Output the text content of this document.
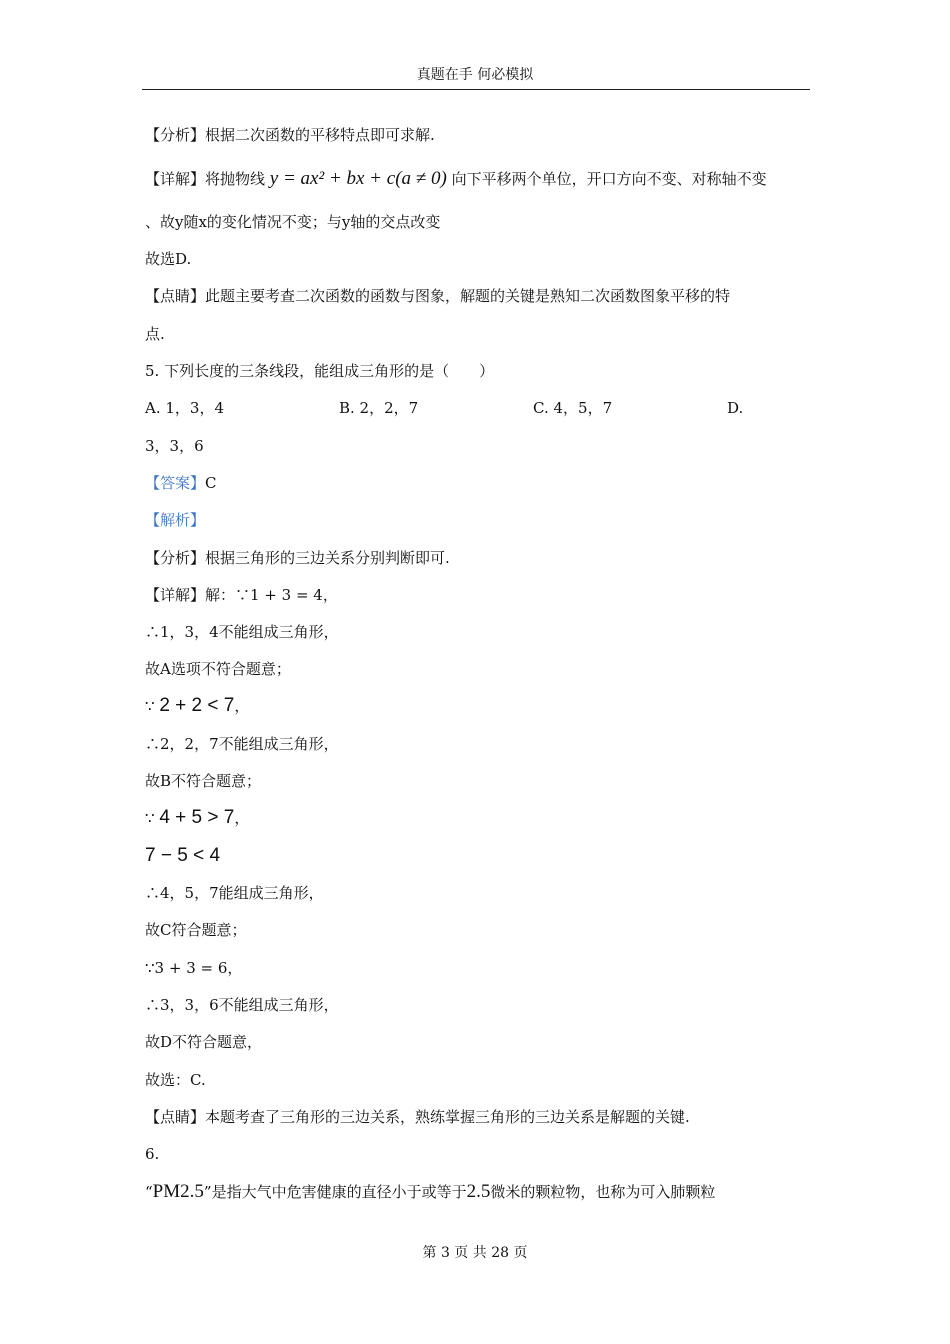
真题在手 何必模拟
【分析】根据二次函数的平移特点即可求解.
【详解】将抛物线 y = ax² + bx + c(a ≠ 0) 向下平移两个单位，开口方向不变、对称轴不变
、故y随x的变化情况不变；与y轴的交点改变
故选D.
【点睛】此题主要考查二次函数的函数与图象，解题的关键是熟知二次函数图象平移的特
点.
5. 下列长度的三条线段，能组成三角形的是（　　）
A. 1，3，4	B. 2，2，7	C. 4，5，7	D.
3，3，6
【答案】C
【解析】
【分析】根据三角形的三边关系分别判断即可.
【详解】解：∵1 + 3 = 4，
∴1，3，4不能组成三角形，
故A选项不符合题意；
∵ 2 + 2 < 7，
∴2，2，7不能组成三角形，
故B不符合题意；
∵ 4 + 5 > 7，
7 − 5 < 4
∴4，5，7能组成三角形，
故C符合题意；
∵3 + 3 = 6，
∴3，3，6不能组成三角形，
故D不符合题意，
故选：C.
【点睛】本题考查了三角形的三边关系，熟练掌握三角形的三边关系是解题的关键.
6.
“PM2.5”是指大气中危害健康的直径小于或等于2.5微米的颗粒物，也称为可入肺颗粒
第 3 页 共 28 页
